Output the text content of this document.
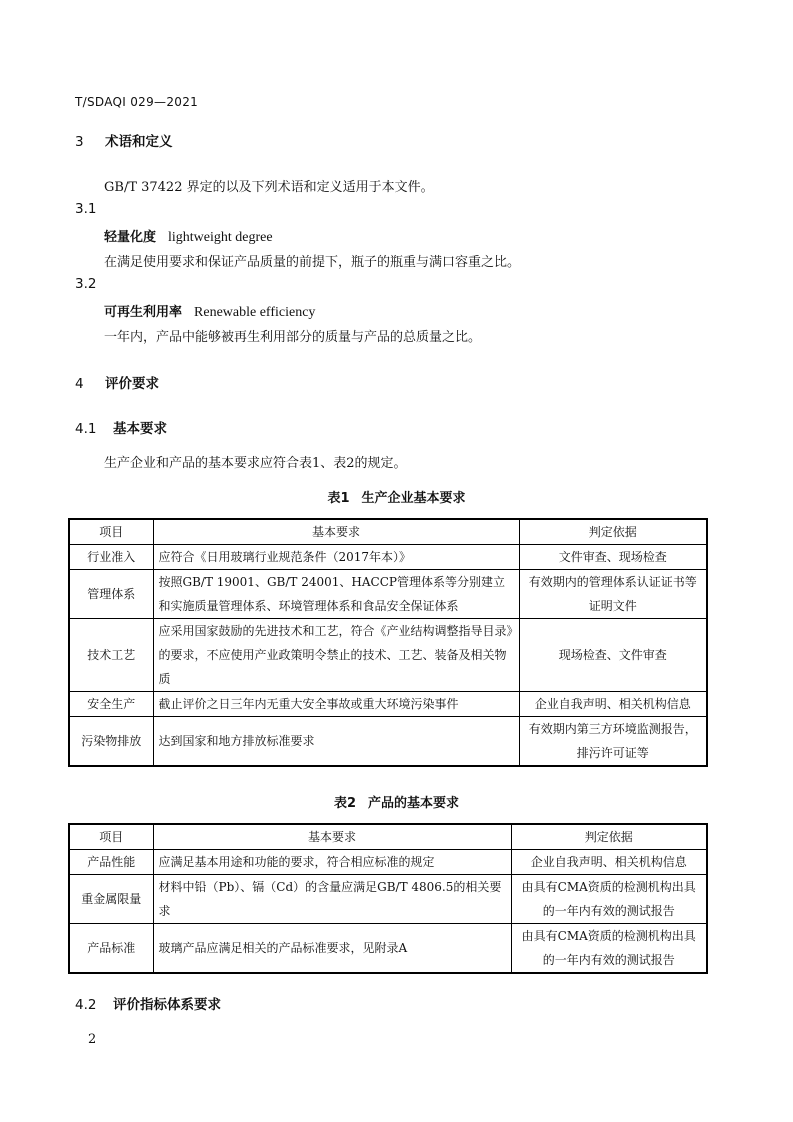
T/SDAQI 029—2021
3 术语和定义
GB/T 37422 界定的以及下列术语和定义适用于本文件。
3.1
轻量化度 lightweight degree
在满足使用要求和保证产品质量的前提下，瓶子的瓶重与满口容重之比。
3.2
可再生利用率 Renewable efficiency
一年内，产品中能够被再生利用部分的质量与产品的总质量之比。
4 评价要求
4.1 基本要求
生产企业和产品的基本要求应符合表1、表2的规定。
表1 生产企业基本要求
项目	基本要求	判定依据
行业准入	应符合《日用玻璃行业规范条件（2017年本）》	文件审查、现场检查
管理体系	按照GB/T 19001、GB/T 24001、HACCP管理体系等分别建立和实施质量管理体系、环境管理体系和食品安全保证体系	有效期内的管理体系认证证书等证明文件
技术工艺	应采用国家鼓励的先进技术和工艺，符合《产业结构调整指导目录》的要求，不应使用产业政策明令禁止的技术、工艺、装备及相关物质	现场检查、文件审查
安全生产	截止评价之日三年内无重大安全事故或重大环境污染事件	企业自我声明、相关机构信息
污染物排放	达到国家和地方排放标准要求	有效期内第三方环境监测报告，排污许可证等
表2 产品的基本要求
项目	基本要求	判定依据
产品性能	应满足基本用途和功能的要求，符合相应标准的规定	企业自我声明、相关机构信息
重金属限量	材料中铅（Pb）、镉（Cd）的含量应满足GB/T 4806.5的相关要求	由具有CMA资质的检测机构出具的一年内有效的测试报告
产品标准	玻璃产品应满足相关的产品标准要求，见附录A	由具有CMA资质的检测机构出具的一年内有效的测试报告
4.2 评价指标体系要求
2
